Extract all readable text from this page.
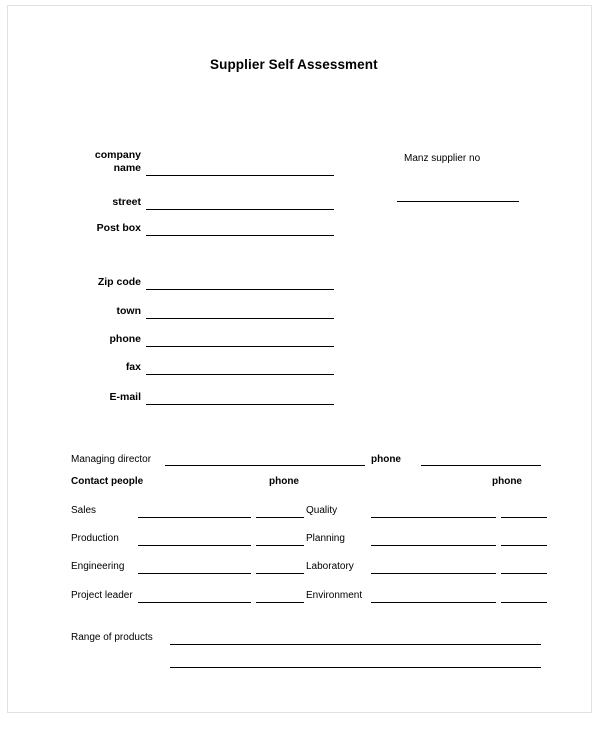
Supplier Self Assessment
company
name
street
Post box
Zip code
town
phone
fax
E-mail
Manz supplier no
Managing director	phone
Contact people	phone	phone
Sales	Quality
Production	Planning
Engineering	Laboratory
Project leader	Environment
Range of products
